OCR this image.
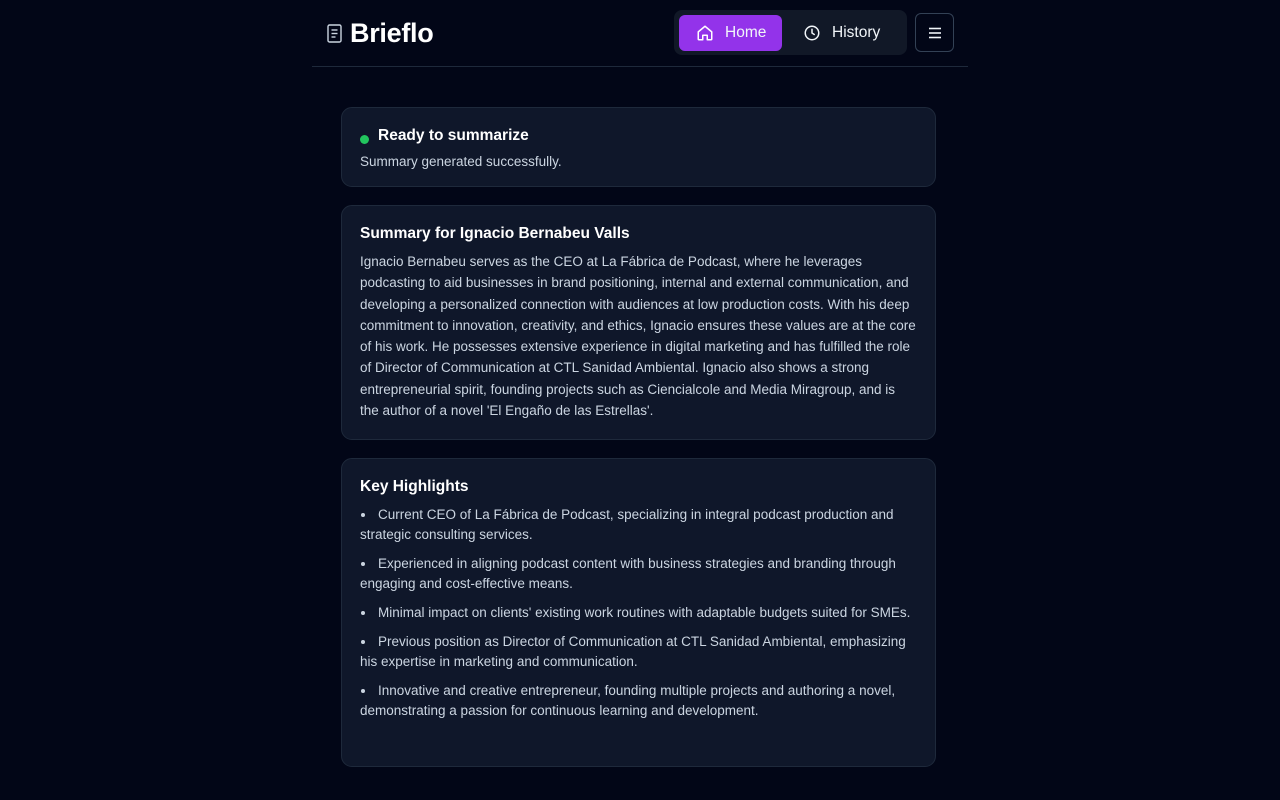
Brieflo	Home	History
Ready to summarize

Summary generated successfully.

Summary for Ignacio Bernabeu Valls

Ignacio Bernabeu serves as the CEO at La Fábrica de Podcast, where he leverages podcasting to aid businesses in brand positioning, internal and external communication, and developing a personalized connection with audiences at low production costs. With his deep commitment to innovation, creativity, and ethics, Ignacio ensures these values are at the core of his work. He possesses extensive experience in digital marketing and has fulfilled the role of Director of Communication at CTL Sanidad Ambiental. Ignacio also shows a strong entrepreneurial spirit, founding projects such as Ciencialcole and Media Miragroup, and is the author of a novel 'El Engaño de las Estrellas'.

Key Highlights
Current CEO of La Fábrica de Podcast, specializing in integral podcast production and strategic consulting services.
Experienced in aligning podcast content with business strategies and branding through engaging and cost-effective means.
Minimal impact on clients' existing work routines with adaptable budgets suited for SMEs.
Previous position as Director of Communication at CTL Sanidad Ambiental, emphasizing his expertise in marketing and communication.
Innovative and creative entrepreneur, founding multiple projects and authoring a novel, demonstrating a passion for continuous learning and development.
